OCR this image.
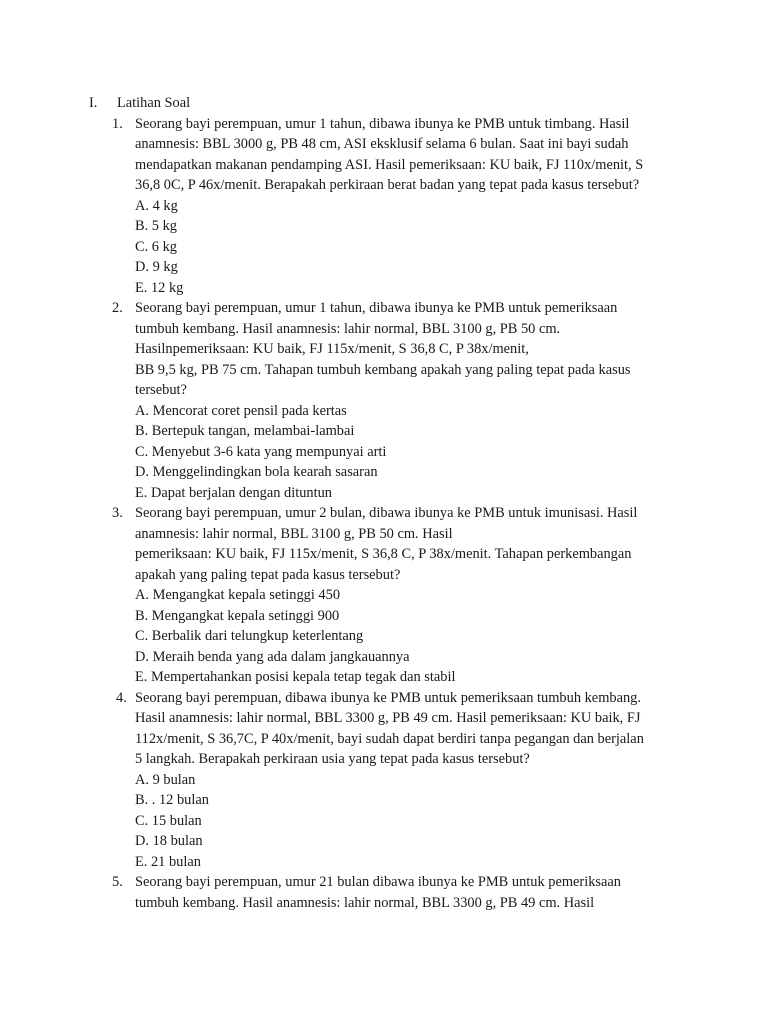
I. Latihan Soal
1. Seorang bayi perempuan, umur 1 tahun, dibawa ibunya ke PMB untuk timbang. Hasil
anamnesis: BBL 3000 g, PB 48 cm, ASI eksklusif selama 6 bulan. Saat ini bayi sudah
mendapatkan makanan pendamping ASI. Hasil pemeriksaan: KU baik, FJ 110x/menit, S
36,8 0C, P 46x/menit. Berapakah perkiraan berat badan yang tepat pada kasus tersebut?
A. 4 kg
B. 5 kg
C. 6 kg
D. 9 kg
E. 12 kg
2. Seorang bayi perempuan, umur 1 tahun, dibawa ibunya ke PMB untuk pemeriksaan
tumbuh kembang. Hasil anamnesis: lahir normal, BBL 3100 g, PB 50 cm.
Hasilnpemeriksaan: KU baik, FJ 115x/menit, S 36,8 C, P 38x/menit,
BB 9,5 kg, PB 75 cm. Tahapan tumbuh kembang apakah yang paling tepat pada kasus
tersebut?
A. Mencorat coret pensil pada kertas
B. Bertepuk tangan, melambai-lambai
C. Menyebut 3-6 kata yang mempunyai arti
D. Menggelindingkan bola kearah sasaran
E. Dapat berjalan dengan dituntun
3. Seorang bayi perempuan, umur 2 bulan, dibawa ibunya ke PMB untuk imunisasi. Hasil
anamnesis: lahir normal, BBL 3100 g, PB 50 cm. Hasil
pemeriksaan: KU baik, FJ 115x/menit, S 36,8 C, P 38x/menit. Tahapan perkembangan
apakah yang paling tepat pada kasus tersebut?
A. Mengangkat kepala setinggi 450
B. Mengangkat kepala setinggi 900
C. Berbalik dari telungkup keterlentang
D. Meraih benda yang ada dalam jangkauannya
E. Mempertahankan posisi kepala tetap tegak dan stabil
4. Seorang bayi perempuan, dibawa ibunya ke PMB untuk pemeriksaan tumbuh kembang.
Hasil anamnesis: lahir normal, BBL 3300 g, PB 49 cm. Hasil pemeriksaan: KU baik, FJ
112x/menit, S 36,7C, P 40x/menit, bayi sudah dapat berdiri tanpa pegangan dan berjalan
5 langkah. Berapakah perkiraan usia yang tepat pada kasus tersebut?
A. 9 bulan
B. . 12 bulan
C. 15 bulan
D. 18 bulan
E. 21 bulan
5. Seorang bayi perempuan, umur 21 bulan dibawa ibunya ke PMB untuk pemeriksaan
tumbuh kembang. Hasil anamnesis: lahir normal, BBL 3300 g, PB 49 cm. Hasil
